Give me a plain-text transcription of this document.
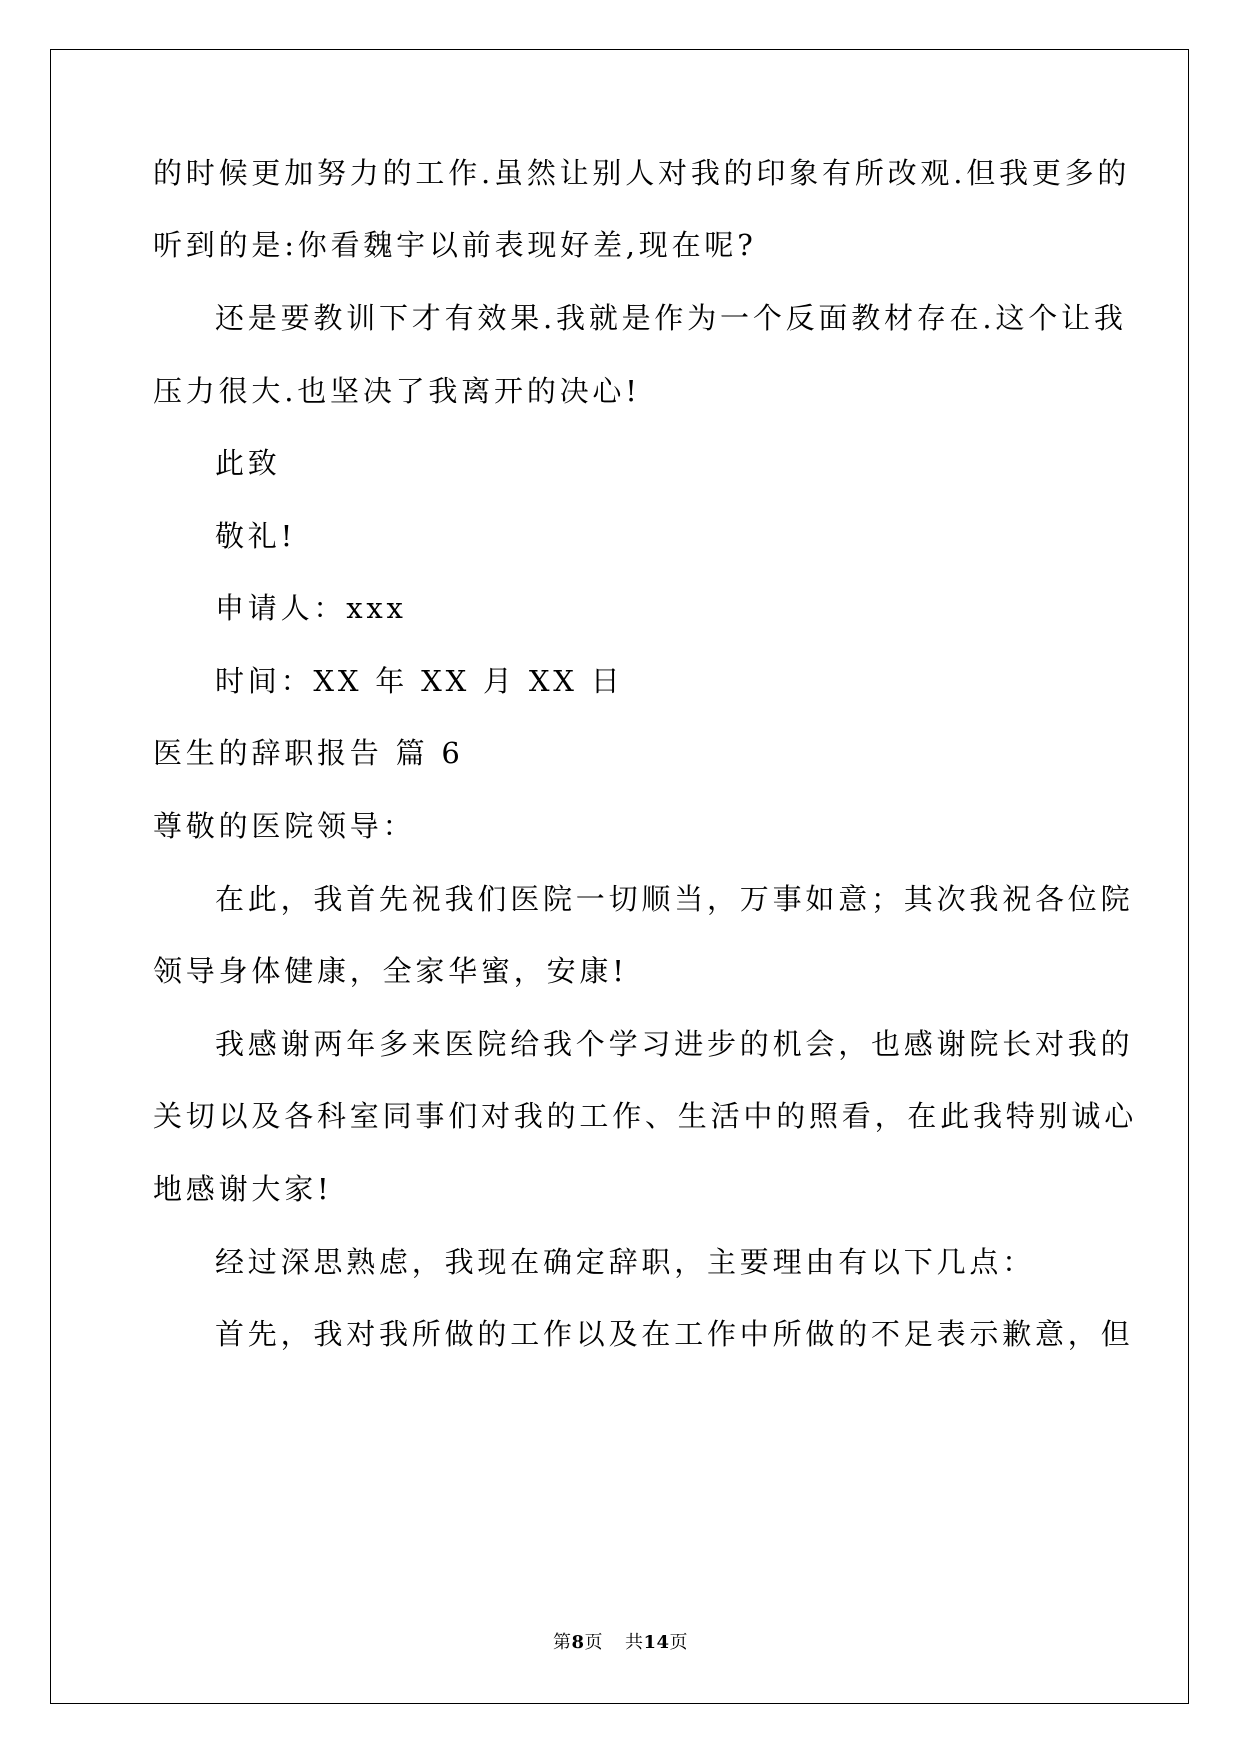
的时候更加努力的工作.虽然让别人对我的印象有所改观.但我更多的
听到的是:你看魏宇以前表现好差,现在呢?
还是要教训下才有效果.我就是作为一个反面教材存在.这个让我
压力很大.也坚决了我离开的决心!
此致
敬礼!
申请人：xxx
时间：XX 年 XX 月 XX 日
医生的辞职报告 篇 6
尊敬的医院领导：
在此，我首先祝我们医院一切顺当，万事如意；其次我祝各位院
领导身体健康，全家华蜜，安康!
我感谢两年多来医院给我个学习进步的机会，也感谢院长对我的
关切以及各科室同事们对我的工作、生活中的照看，在此我特别诚心
地感谢大家!
经过深思熟虑，我现在确定辞职，主要理由有以下几点：
首先，我对我所做的工作以及在工作中所做的不足表示歉意，但
第8页 共14页
